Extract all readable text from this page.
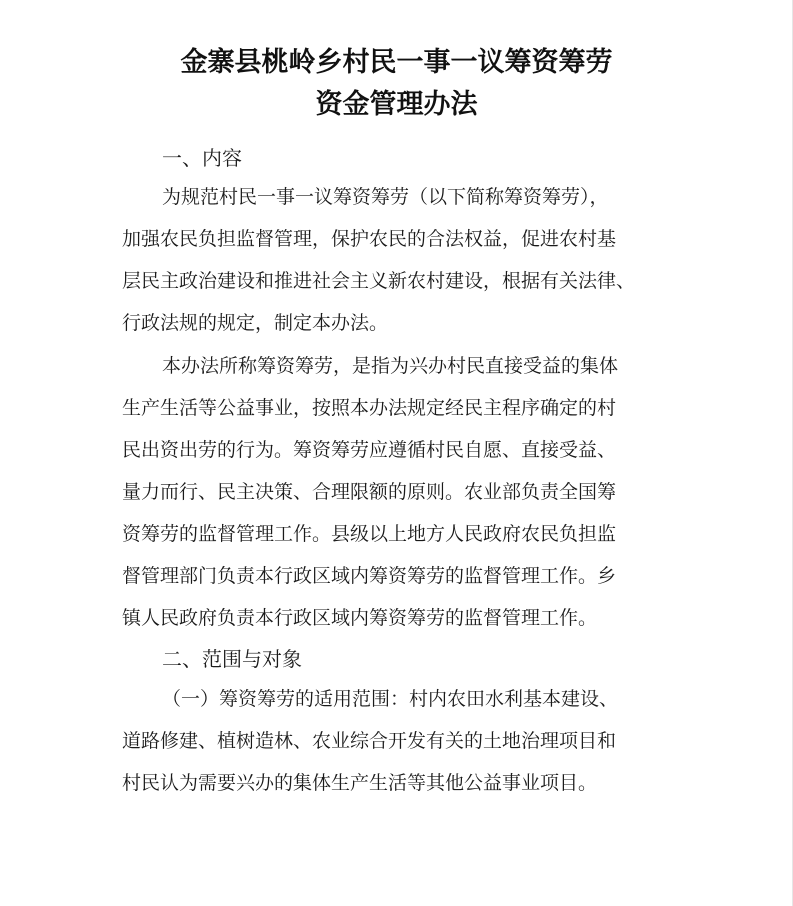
金寨县桃岭乡村民一事一议筹资筹劳
资金管理办法
一、内容
为规范村民一事一议筹资筹劳（以下简称筹资筹劳），
加强农民负担监督管理，保护农民的合法权益，促进农村基
层民主政治建设和推进社会主义新农村建设，根据有关法律、
行政法规的规定，制定本办法。
本办法所称筹资筹劳，是指为兴办村民直接受益的集体
生产生活等公益事业，按照本办法规定经民主程序确定的村
民出资出劳的行为。筹资筹劳应遵循村民自愿、直接受益、
量力而行、民主决策、合理限额的原则。农业部负责全国筹
资筹劳的监督管理工作。县级以上地方人民政府农民负担监
督管理部门负责本行政区域内筹资筹劳的监督管理工作。乡
镇人民政府负责本行政区域内筹资筹劳的监督管理工作。
二、范围与对象
（一）筹资筹劳的适用范围：村内农田水利基本建设、
道路修建、植树造林、农业综合开发有关的土地治理项目和
村民认为需要兴办的集体生产生活等其他公益事业项目。
